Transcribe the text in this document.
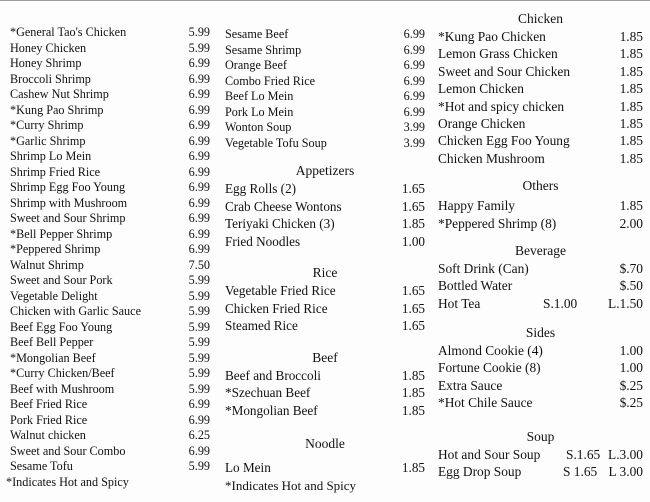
*General Tao's Chicken	5.99
Honey Chicken	5.99
Honey Shrimp	6.99
Broccoli Shrimp	6.99
Cashew Nut Shrimp	6.99
*Kung Pao Shrimp	6.99
*Curry Shrimp	6.99
*Garlic Shrimp	6.99
Shrimp Lo Mein	6.99
Shrimp Fried Rice	6.99
Shrimp Egg Foo Young	6.99
Shrimp with Mushroom	6.99
Sweet and Sour Shrimp	6.99
*Bell Pepper Shrimp	6.99
*Peppered Shrimp	6.99
Walnut Shrimp	7.50
Sweet and Sour Pork	5.99
Vegetable Delight	5.99
Chicken with Garlic Sauce	5.99
Beef Egg Foo Young	5.99
Beef Bell Pepper	5.99
*Mongolian Beef	5.99
*Curry Chicken/Beef	5.99
Beef with Mushroom	5.99
Beef Fried Rice	6.99
Pork Fried Rice	6.99
Walnut chicken	6.25
Sweet and Sour Combo	6.99
Sesame Tofu	5.99
*Indicates Hot and Spicy
Sesame Beef	6.99
Sesame Shrimp	6.99
Orange Beef	6.99
Combo Fried Rice	6.99
Beef Lo Mein	6.99
Pork Lo Mein	6.99
Wonton Soup	3.99
Vegetable Tofu Soup	3.99
Appetizers
Egg Rolls (2)	1.65
Crab Cheese Wontons	1.65
Teriyaki Chicken (3)	1.85
Fried Noodles	1.00
Rice
Vegetable Fried Rice	1.65
Chicken Fried Rice	1.65
Steamed Rice	1.65
Beef
Beef and Broccoli	1.85
*Szechuan Beef	1.85
*Mongolian Beef	1.85
Noodle
Lo Mein	1.85
*Indicates Hot and Spicy
Chicken
*Kung Pao Chicken	1.85
Lemon Grass Chicken	1.85
Sweet and Sour Chicken	1.85
Lemon Chicken	1.85
*Hot and spicy chicken	1.85
Orange Chicken	1.85
Chicken Egg Foo Young	1.85
Chicken Mushroom	1.85
Others
Happy Family	1.85
*Peppered Shrimp (8)	2.00
Beverage
Soft Drink (Can)	$.70
Bottled Water	$.50
Hot Tea	S.1.00 L.1.50
Sides
Almond Cookie (4)	1.00
Fortune Cookie (8)	1.00
Extra Sauce	$.25
*Hot Chile Sauce	$.25
Soup
Hot and Sour Soup S.1.65 L.3.00
Egg Drop Soup	S 1.65 L 3.00
